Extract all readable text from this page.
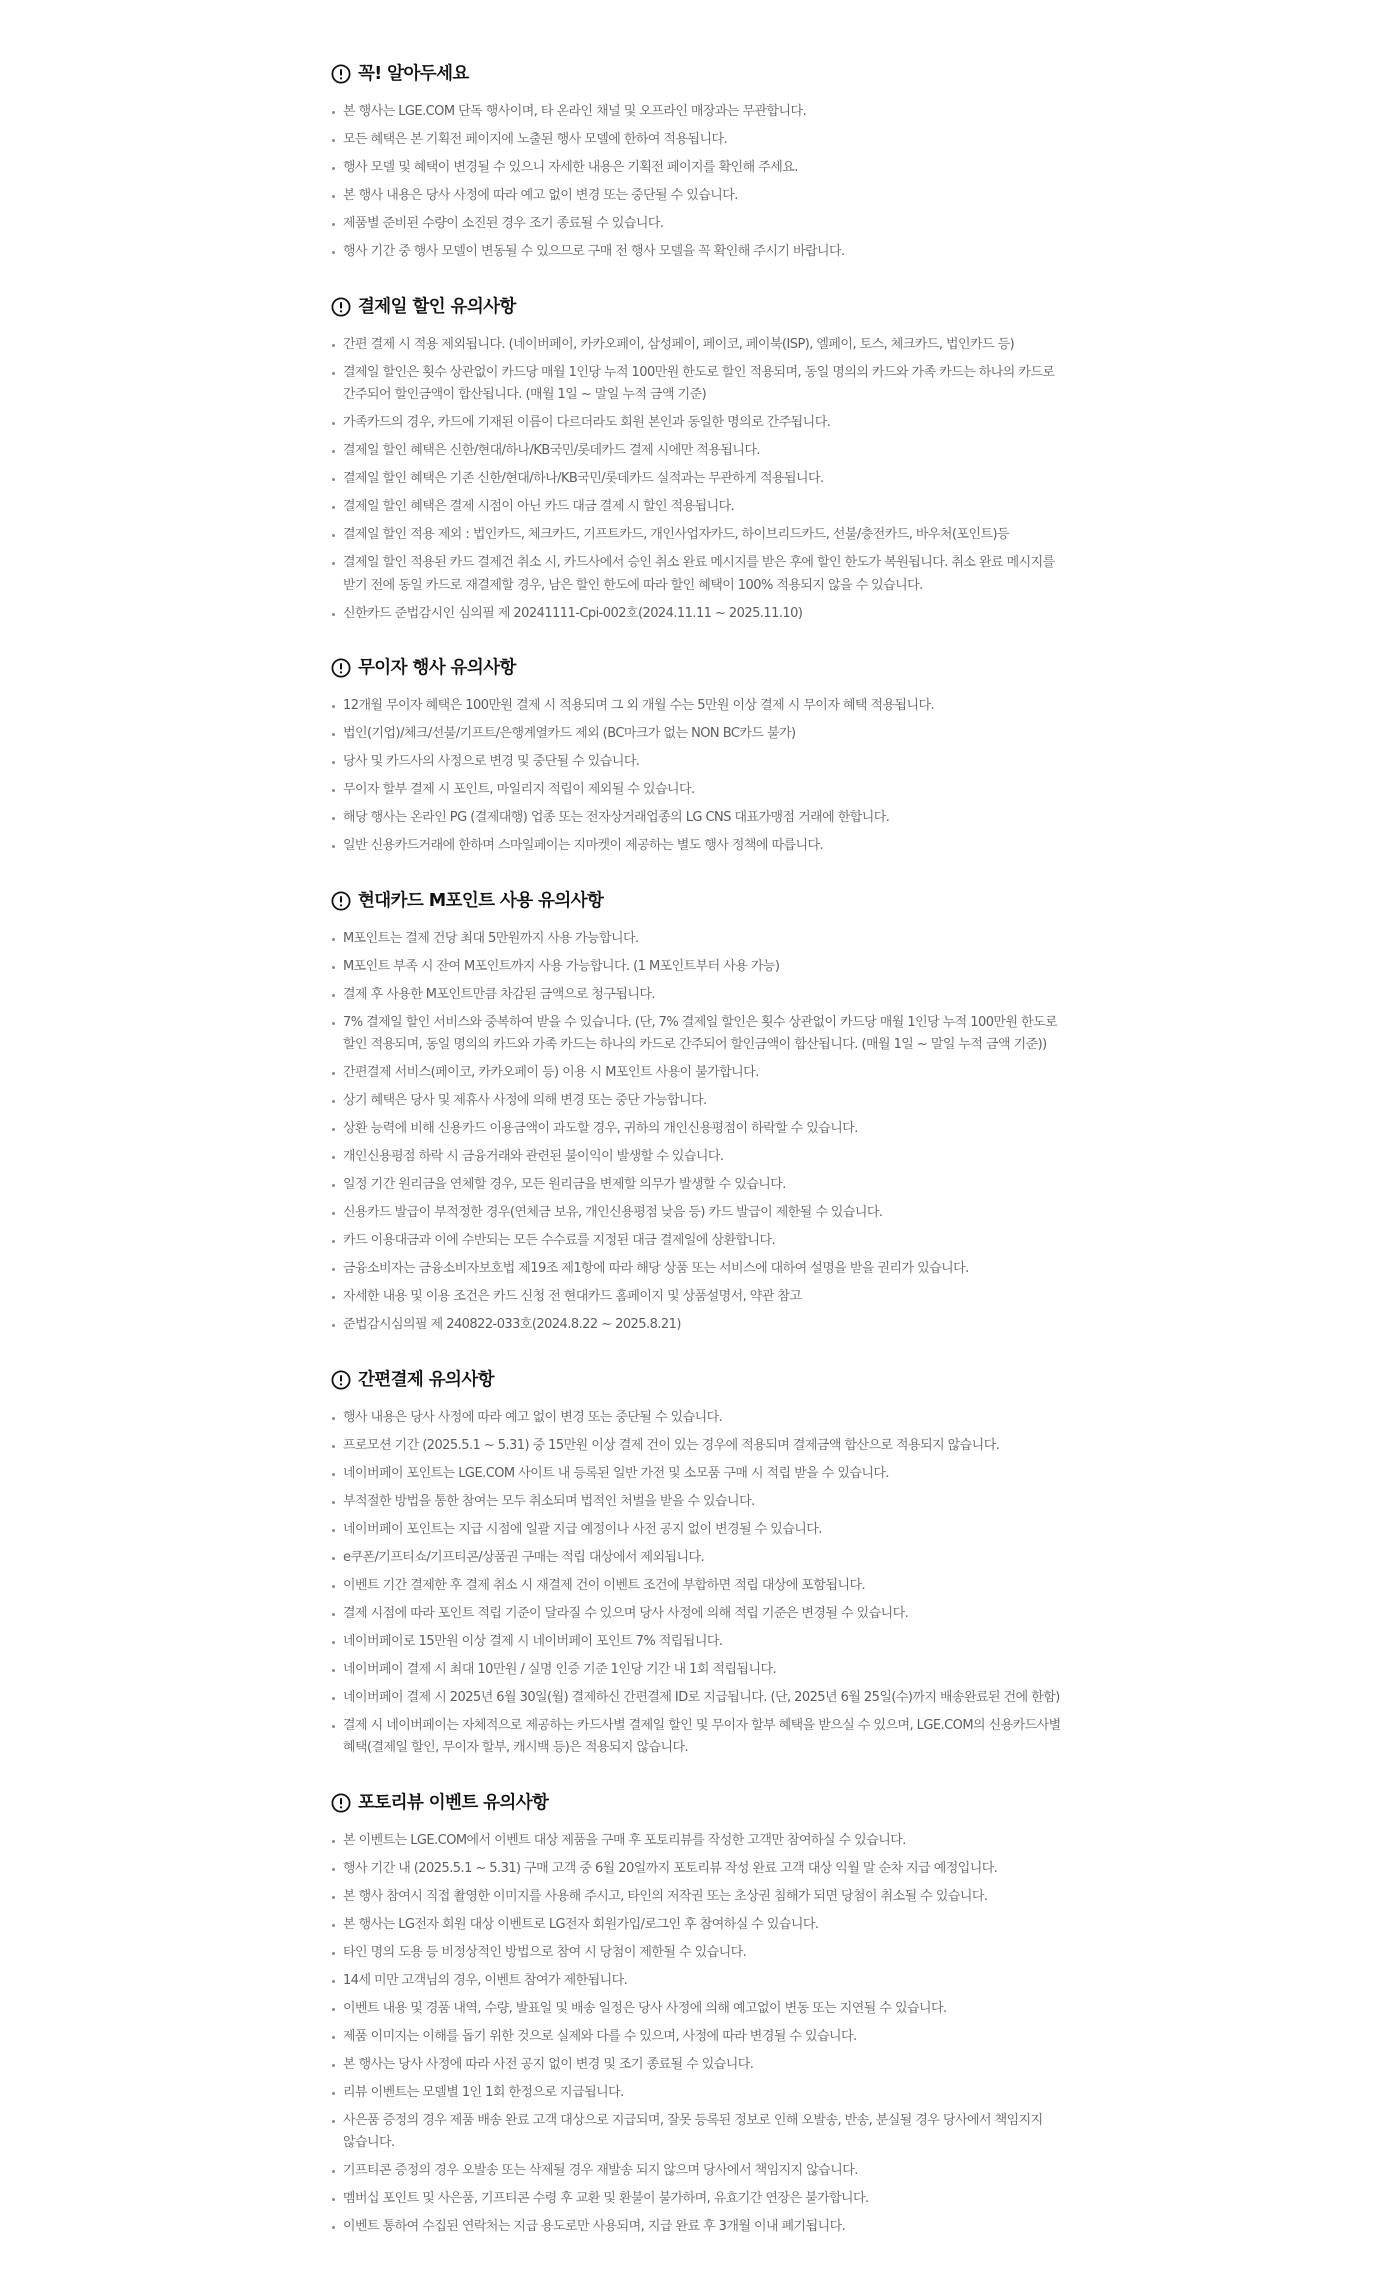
꼭! 알아두세요
본 행사는 LGE.COM 단독 행사이며, 타 온라인 채널 및 오프라인 매장과는 무관합니다.
모든 혜택은 본 기획전 페이지에 노출된 행사 모델에 한하여 적용됩니다.
행사 모델 및 혜택이 변경될 수 있으니 자세한 내용은 기획전 페이지를 확인해 주세요.
본 행사 내용은 당사 사정에 따라 예고 없이 변경 또는 중단될 수 있습니다.
제품별 준비된 수량이 소진된 경우 조기 종료될 수 있습니다.
행사 기간 중 행사 모델이 변동될 수 있으므로 구매 전 행사 모델을 꼭 확인해 주시기 바랍니다.
결제일 할인 유의사항
간편 결제 시 적용 제외됩니다. (네이버페이, 카카오페이, 삼성페이, 페이코, 페이북(ISP), 엘페이, 토스, 체크카드, 법인카드 등)
결제일 할인은 횟수 상관없이 카드당 매월 1인당 누적 100만원 한도로 할인 적용되며, 동일 명의의 카드와 가족 카드는 하나의 카드로 간주되어 할인금액이 합산됩니다. (매월 1일 ~ 말일 누적 금액 기준)
가족카드의 경우, 카드에 기재된 이름이 다르더라도 회원 본인과 동일한 명의로 간주됩니다.
결제일 할인 혜택은 신한/현대/하나/KB국민/롯데카드 결제 시에만 적용됩니다.
결제일 할인 혜택은 기존 신한/현대/하나/KB국민/롯데카드 실적과는 무관하게 적용됩니다.
결제일 할인 혜택은 결제 시점이 아닌 카드 대금 결제 시 할인 적용됩니다.
결제일 할인 적용 제외 : 법인카드, 체크카드, 기프트카드, 개인사업자카드, 하이브리드카드, 선불/충전카드, 바우처(포인트)등
결제일 할인 적용된 카드 결제건 취소 시, 카드사에서 승인 취소 완료 메시지를 받은 후에 할인 한도가 복원됩니다. 취소 완료 메시지를 받기 전에 동일 카드로 재결제할 경우, 남은 할인 한도에 따라 할인 혜택이 100% 적용되지 않을 수 있습니다.
신한카드 준법감시인 심의필 제 20241111-Cpi-002호(2024.11.11 ~ 2025.11.10)
무이자 행사 유의사항
12개월 무이자 혜택은 100만원 결제 시 적용되며 그 외 개월 수는 5만원 이상 결제 시 무이자 혜택 적용됩니다.
법인(기업)/체크/선불/기프트/은행계열카드 제외 (BC마크가 없는 NON BC카드 불가)
당사 및 카드사의 사정으로 변경 및 중단될 수 있습니다.
무이자 할부 결제 시 포인트, 마일리지 적립이 제외될 수 있습니다.
해당 행사는 온라인 PG (결제대행) 업종 또는 전자상거래업종의 LG CNS 대표가맹점 거래에 한합니다.
일반 신용카드거래에 한하며 스마일페이는 지마켓이 제공하는 별도 행사 정책에 따릅니다.
현대카드 M포인트 사용 유의사항
M포인트는 결제 건당 최대 5만원까지 사용 가능합니다.
M포인트 부족 시 잔여 M포인트까지 사용 가능합니다. (1 M포인트부터 사용 가능)
결제 후 사용한 M포인트만큼 차감된 금액으로 청구됩니다.
7% 결제일 할인 서비스와 중복하여 받을 수 있습니다. (단, 7% 결제일 할인은 횟수 상관없이 카드당 매월 1인당 누적 100만원 한도로 할인 적용되며, 동일 명의의 카드와 가족 카드는 하나의 카드로 간주되어 할인금액이 합산됩니다. (매월 1일 ~ 말일 누적 금액 기준))
간편결제 서비스(페이코, 카카오페이 등) 이용 시 M포인트 사용이 불가합니다.
상기 혜택은 당사 및 제휴사 사정에 의해 변경 또는 중단 가능합니다.
상환 능력에 비해 신용카드 이용금액이 과도할 경우, 귀하의 개인신용평점이 하락할 수 있습니다.
개인신용평점 하락 시 금융거래와 관련된 불이익이 발생할 수 있습니다.
일정 기간 원리금을 연체할 경우, 모든 원리금을 변제할 의무가 발생할 수 있습니다.
신용카드 발급이 부적정한 경우(연체금 보유, 개인신용평점 낮음 등) 카드 발급이 제한될 수 있습니다.
카드 이용대금과 이에 수반되는 모든 수수료를 지정된 대금 결제일에 상환합니다.
금융소비자는 금융소비자보호법 제19조 제1항에 따라 해당 상품 또는 서비스에 대하여 설명을 받을 권리가 있습니다.
자세한 내용 및 이용 조건은 카드 신청 전 현대카드 홈페이지 및 상품설명서, 약관 참고
준법감시심의필 제 240822-033호(2024.8.22 ~ 2025.8.21)
간편결제 유의사항
행사 내용은 당사 사정에 따라 예고 없이 변경 또는 중단될 수 있습니다.
프로모션 기간 (2025.5.1 ~ 5.31) 중 15만원 이상 결제 건이 있는 경우에 적용되며 결제금액 합산으로 적용되지 않습니다.
네이버페이 포인트는 LGE.COM 사이트 내 등록된 일반 가전 및 소모품 구매 시 적립 받을 수 있습니다.
부적절한 방법을 통한 참여는 모두 취소되며 법적인 처벌을 받을 수 있습니다.
네이버페이 포인트는 지급 시점에 일괄 지급 예정이나 사전 공지 없이 변경될 수 있습니다.
e쿠폰/기프티쇼/기프티콘/상품권 구매는 적립 대상에서 제외됩니다.
이벤트 기간 결제한 후 결제 취소 시 재결제 건이 이벤트 조건에 부합하면 적립 대상에 포함됩니다.
결제 시점에 따라 포인트 적립 기준이 달라질 수 있으며 당사 사정에 의해 적립 기준은 변경될 수 있습니다.
네이버페이로 15만원 이상 결제 시 네이버페이 포인트 7% 적립됩니다.
네이버페이 결제 시 최대 10만원 / 실명 인증 기준 1인당 기간 내 1회 적립됩니다.
네이버페이 결제 시 2025년 6월 30일(월) 결제하신 간편결제 ID로 지급됩니다. (단, 2025년 6월 25일(수)까지 배송완료된 건에 한함)
결제 시 네이버페이는 자체적으로 제공하는 카드사별 결제일 할인 및 무이자 할부 혜택을 받으실 수 있으며, LGE.COM의 신용카드사별 혜택(결제일 할인, 무이자 할부, 캐시백 등)은 적용되지 않습니다.
포토리뷰 이벤트 유의사항
본 이벤트는 LGE.COM에서 이벤트 대상 제품을 구매 후 포토리뷰를 작성한 고객만 참여하실 수 있습니다.
행사 기간 내 (2025.5.1 ~ 5.31) 구매 고객 중 6월 20일까지 포토리뷰 작성 완료 고객 대상 익월 말 순차 지급 예정입니다.
본 행사 참여시 직접 촬영한 이미지를 사용해 주시고, 타인의 저작권 또는 초상권 침해가 되면 당첨이 취소될 수 있습니다.
본 행사는 LG전자 회원 대상 이벤트로 LG전자 회원가입/로그인 후 참여하실 수 있습니다.
타인 명의 도용 등 비정상적인 방법으로 참여 시 당첨이 제한될 수 있습니다.
14세 미만 고객님의 경우, 이벤트 참여가 제한됩니다.
이벤트 내용 및 경품 내역, 수량, 발표일 및 배송 일정은 당사 사정에 의해 예고없이 변동 또는 지연될 수 있습니다.
제품 이미지는 이해를 돕기 위한 것으로 실제와 다를 수 있으며, 사정에 따라 변경될 수 있습니다.
본 행사는 당사 사정에 따라 사전 공지 없이 변경 및 조기 종료될 수 있습니다.
리뷰 이벤트는 모델별 1인 1회 한정으로 지급됩니다.
사은품 증정의 경우 제품 배송 완료 고객 대상으로 지급되며, 잘못 등록된 정보로 인해 오발송, 반송, 분실될 경우 당사에서 책임지지 않습니다.
기프티콘 증정의 경우 오발송 또는 삭제될 경우 재발송 되지 않으며 당사에서 책임지지 않습니다.
멤버십 포인트 및 사은품, 기프티콘 수령 후 교환 및 환불이 불가하며, 유효기간 연장은 불가합니다.
이벤트 통하여 수집된 연락처는 지급 용도로만 사용되며, 지급 완료 후 3개월 이내 폐기됩니다.
